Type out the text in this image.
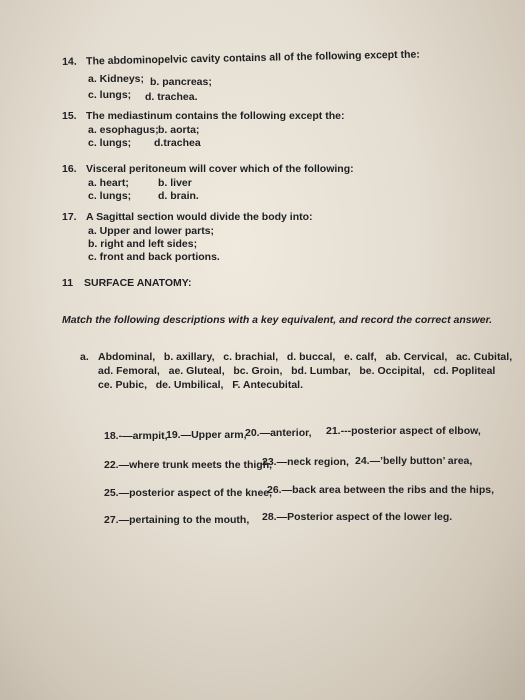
14. The abdominopelvic cavity contains all of the following except the:
a. Kidneys; b. pancreas;
c. lungs; d. trachea.
15. The mediastinum contains the following except the:
a. esophagus; b. aorta;
c. lungs; d.trachea
16. Visceral peritoneum will cover which of the following:
a. heart;	b. liver
c. lungs;	d. brain.
17. A Sagittal section would divide the body into:
a. Upper and lower parts;
b. right and left sides;
c. front and back portions.
11 SURFACE ANATOMY:
Match the following descriptions with a key equivalent, and record the correct answer.
a. Abdominal,   b. axillary,   c. brachial,   d. buccal,   e. calf,   ab. Cervical,   ac. Cubital,
ad. Femoral,   ae. Gluteal,   bc. Groin,   bd. Lumbar,   be. Occipital,   cd. Popliteal
ce. Pubic,   de. Umbilical,   F. Antecubital.
18.-—armpit,
19.—Upper arm,
20.—anterior, 21.---posterior aspect of elbow,
22.—where trunk meets the thigh,
23.—neck region, 24.—’belly button’ area,
25.—posterior aspect of the knee,
26.—back area between the ribs and the hips,
27.—pertaining to the mouth, 28.—Posterior aspect of the lower leg.
